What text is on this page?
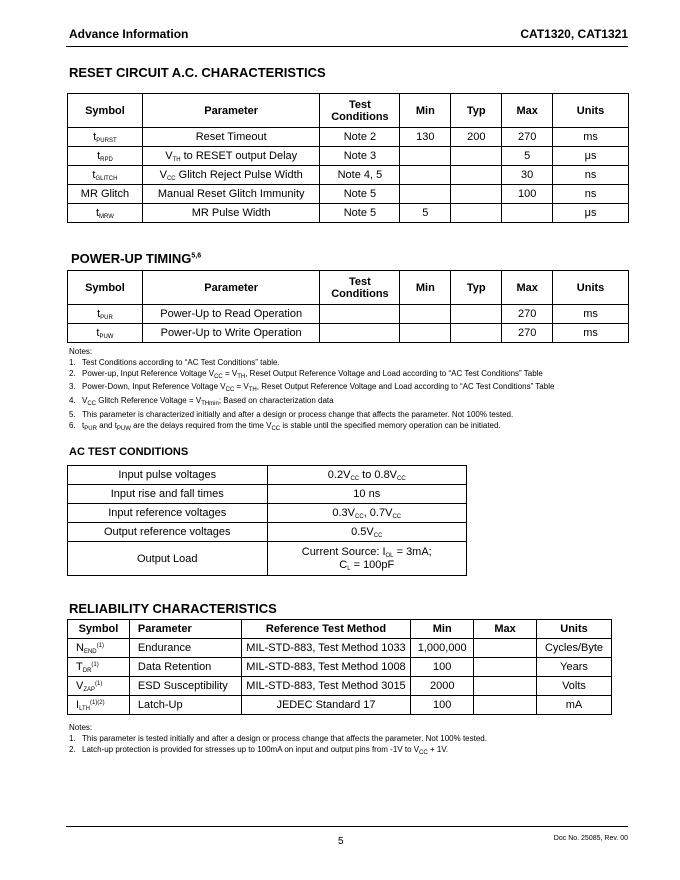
Advance Information	CAT1320, CAT1321
RESET CIRCUIT A.C. CHARACTERISTICS
Symbol	Parameter	Test Conditions	Min	Typ	Max	Units
$t_{PURST}$	Reset Timeout	Note 2	130	200	270	ms
$t_{RPD}$	$V_{TH}$ to RESET output Delay	Note 3			5	μs
$t_{GLITCH}$	$V_{CC}$ Glitch Reject Pulse Width	Note 4, 5			30	ns
MR Glitch	Manual Reset Glitch Immunity	Note 5			100	ns
$t_{MRW}$	MR Pulse Width	Note 5	5			μs
POWER-UP TIMING$^{5,6}$
Symbol	Parameter	Test Conditions	Min	Typ	Max	Units
$t_{PUR}$	Power-Up to Read Operation				270	ms
$t_{PUW}$	Power-Up to Write Operation				270	ms
Notes:
1. Test Conditions according to “AC Test Conditions” table.
2. Power-up, Input Reference Voltage $V_{CC} = V_{TH}$, Reset Output Reference Voltage and Load according to “AC Test Conditions” Table
3. Power-Down, Input Reference Voltage $V_{CC} = V_{TH}$, Reset Output Reference Voltage and Load according to “AC Test Conditions” Table
4. $V_{CC}$ Glitch Reference Voltage = $V_{THmin}$; Based on characterization data
5. This parameter is characterized initially and after a design or process change that affects the parameter. Not 100% tested.
6. $t_{PUR}$ and $t_{PUW}$ are the delays required from the time $V_{CC}$ is stable until the specified memory operation can be initiated.
AC TEST CONDITIONS
Input pulse voltages	$0.2V_{CC}$ to $0.8V_{CC}$
Input rise and fall times	10 ns
Input reference voltages	$0.3V_{CC}$, $0.7V_{CC}$
Output reference voltages	$0.5V_{CC}$
Output Load	Current Source: $I_{OL} = 3mA$;
$C_L = 100pF$
RELIABILITY CHARACTERISTICS
Symbol	Parameter	Reference Test Method	Min	Max	Units
$N_{END}^{(1)}$	Endurance	MIL-STD-883, Test Method 1033	1,000,000		Cycles/Byte
$T_{DR}^{(1)}$	Data Retention	MIL-STD-883, Test Method 1008	100		Years
$V_{ZAP}^{(1)}$	ESD Susceptibility	MIL-STD-883, Test Method 3015	2000		Volts
$I_{LTH}^{(1)(2)}$	Latch-Up	JEDEC Standard 17	100		mA
Notes:
1. This parameter is tested initially and after a design or process change that affects the parameter. Not 100% tested.
2. Latch-up protection is provided for stresses up to 100mA on input and output pins from -1V to $V_{CC} + 1V$.
5	Doc No. 25085, Rev. 00
